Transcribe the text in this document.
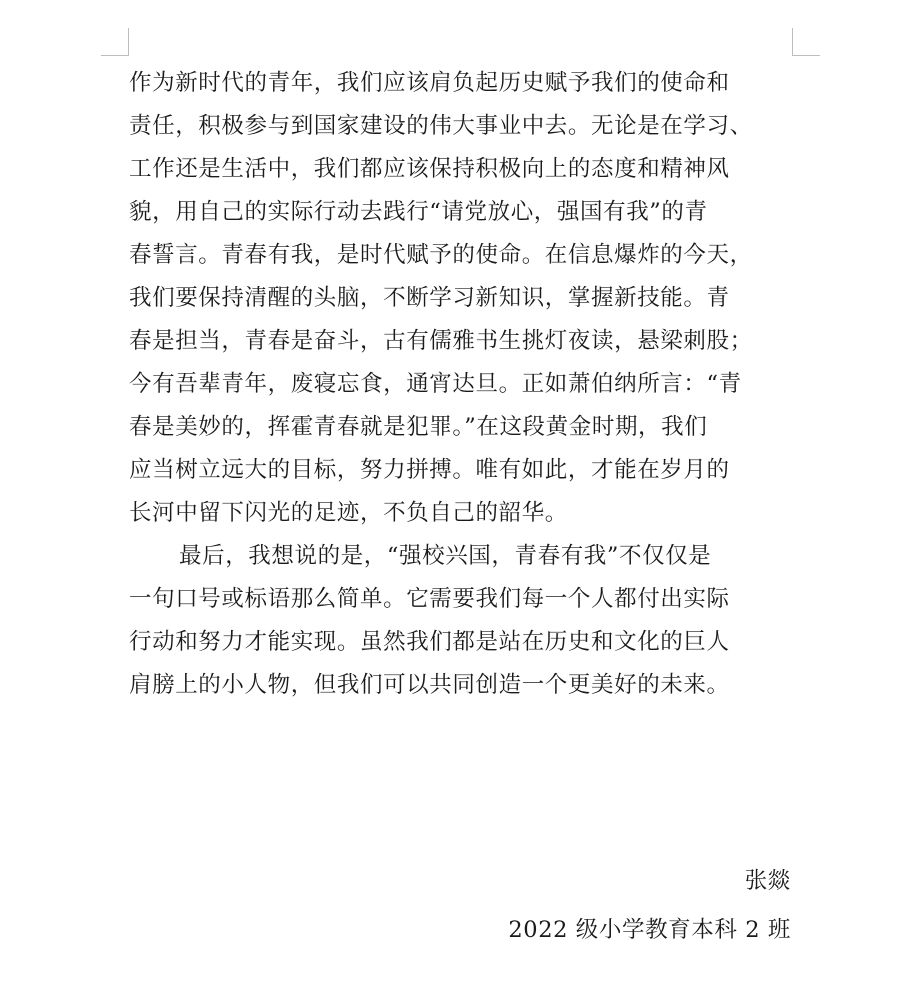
作为新时代的青年，我们应该肩负起历史赋予我们的使命和
责任，积极参与到国家建设的伟大事业中去。无论是在学习、
工作还是生活中，我们都应该保持积极向上的态度和精神风
貌，用自己的实际行动去践行“请党放心，强国有我”的青
春誓言。青春有我，是时代赋予的使命。在信息爆炸的今天，
我们要保持清醒的头脑，不断学习新知识，掌握新技能。青
春是担当，青春是奋斗，古有儒雅书生挑灯夜读，悬梁刺股；
今有吾辈青年，废寝忘食，通宵达旦。正如萧伯纳所言：“青
春是美妙的，挥霍青春就是犯罪。”在这段黄金时期，我们
应当树立远大的目标，努力拼搏。唯有如此，才能在岁月的
长河中留下闪光的足迹，不负自己的韶华。
最后，我想说的是，“强校兴国，青春有我”不仅仅是
一句口号或标语那么简单。它需要我们每一个人都付出实际
行动和努力才能实现。虽然我们都是站在历史和文化的巨人
肩膀上的小人物，但我们可以共同创造一个更美好的未来。
张燚
2022 级小学教育本科 2 班
